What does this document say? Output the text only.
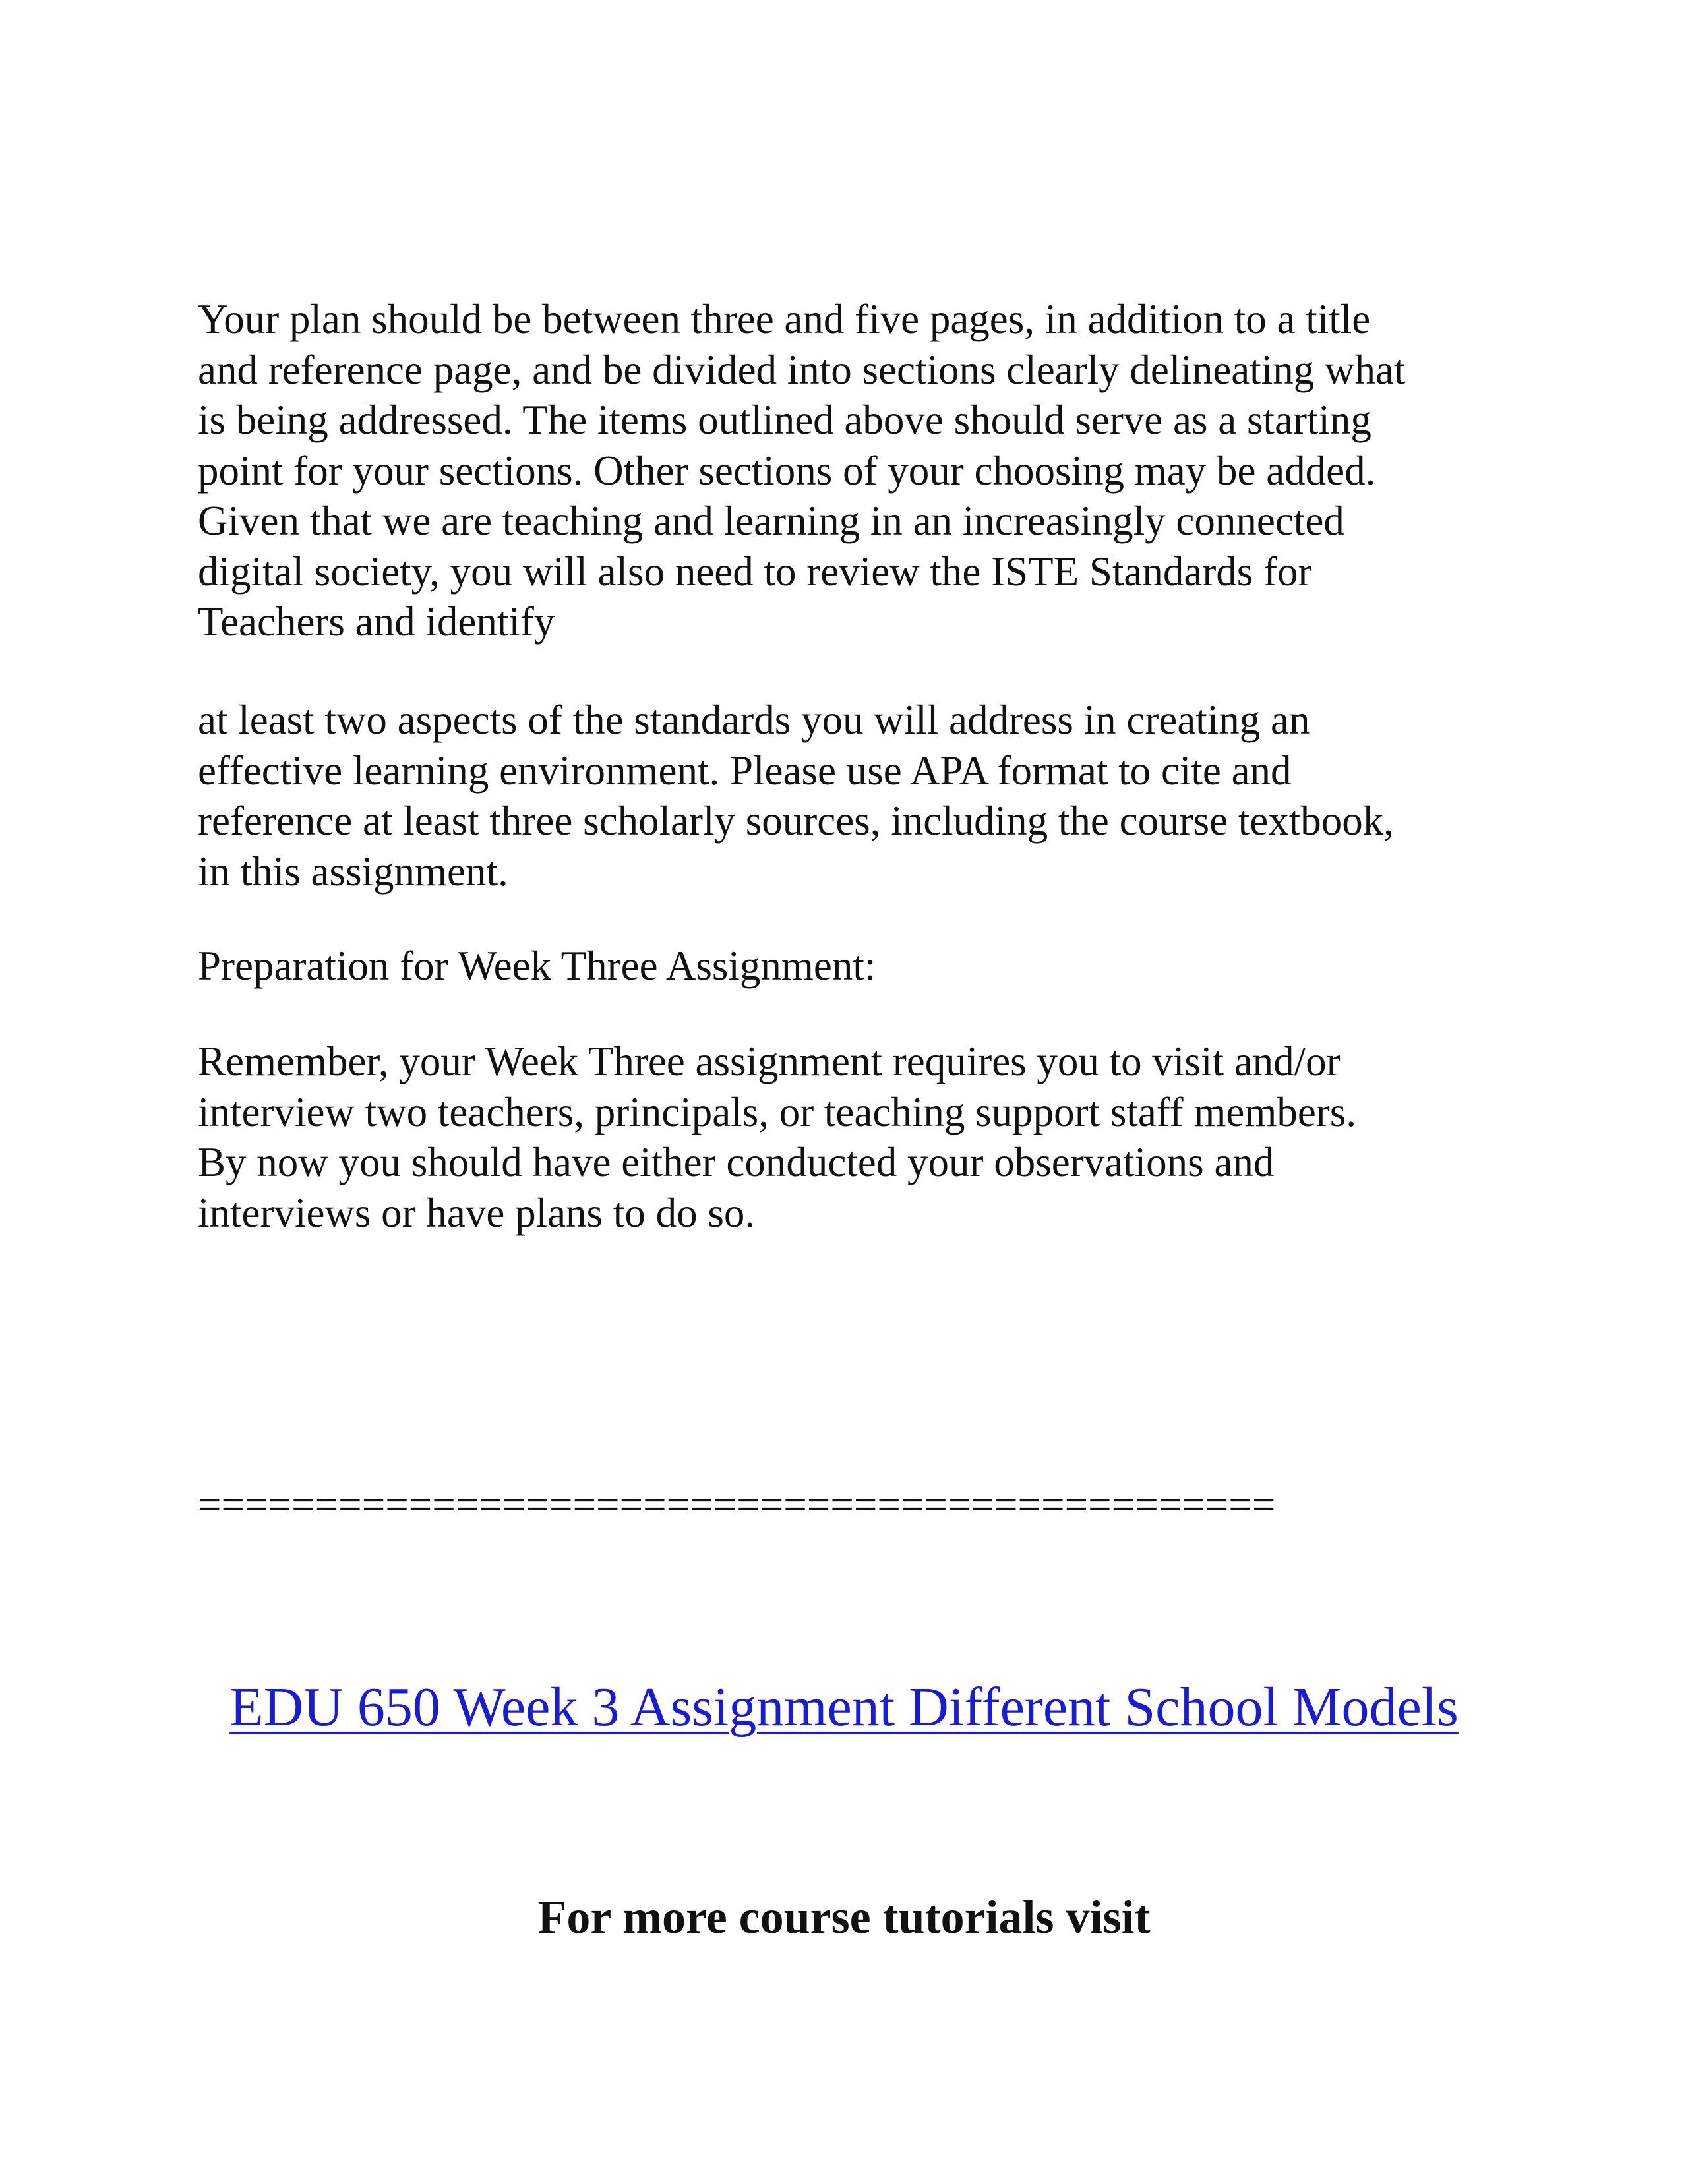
Your plan should be between three and five pages, in addition to a title
and reference page, and be divided into sections clearly delineating what
is being addressed. The items outlined above should serve as a starting
point for your sections. Other sections of your choosing may be added.
Given that we are teaching and learning in an increasingly connected
digital society, you will also need to review the ISTE Standards for
Teachers and identify

at least two aspects of the standards you will address in creating an
effective learning environment. Please use APA format to cite and
reference at least three scholarly sources, including the course textbook,
in this assignment.

Preparation for Week Three Assignment:

Remember, your Week Three assignment requires you to visit and/or
interview two teachers, principals, or teaching support staff members.
By now you should have either conducted your observations and
interviews or have plans to do so.

==============================================
EDU 650 Week 3 Assignment Different School Models
For more course tutorials visit
